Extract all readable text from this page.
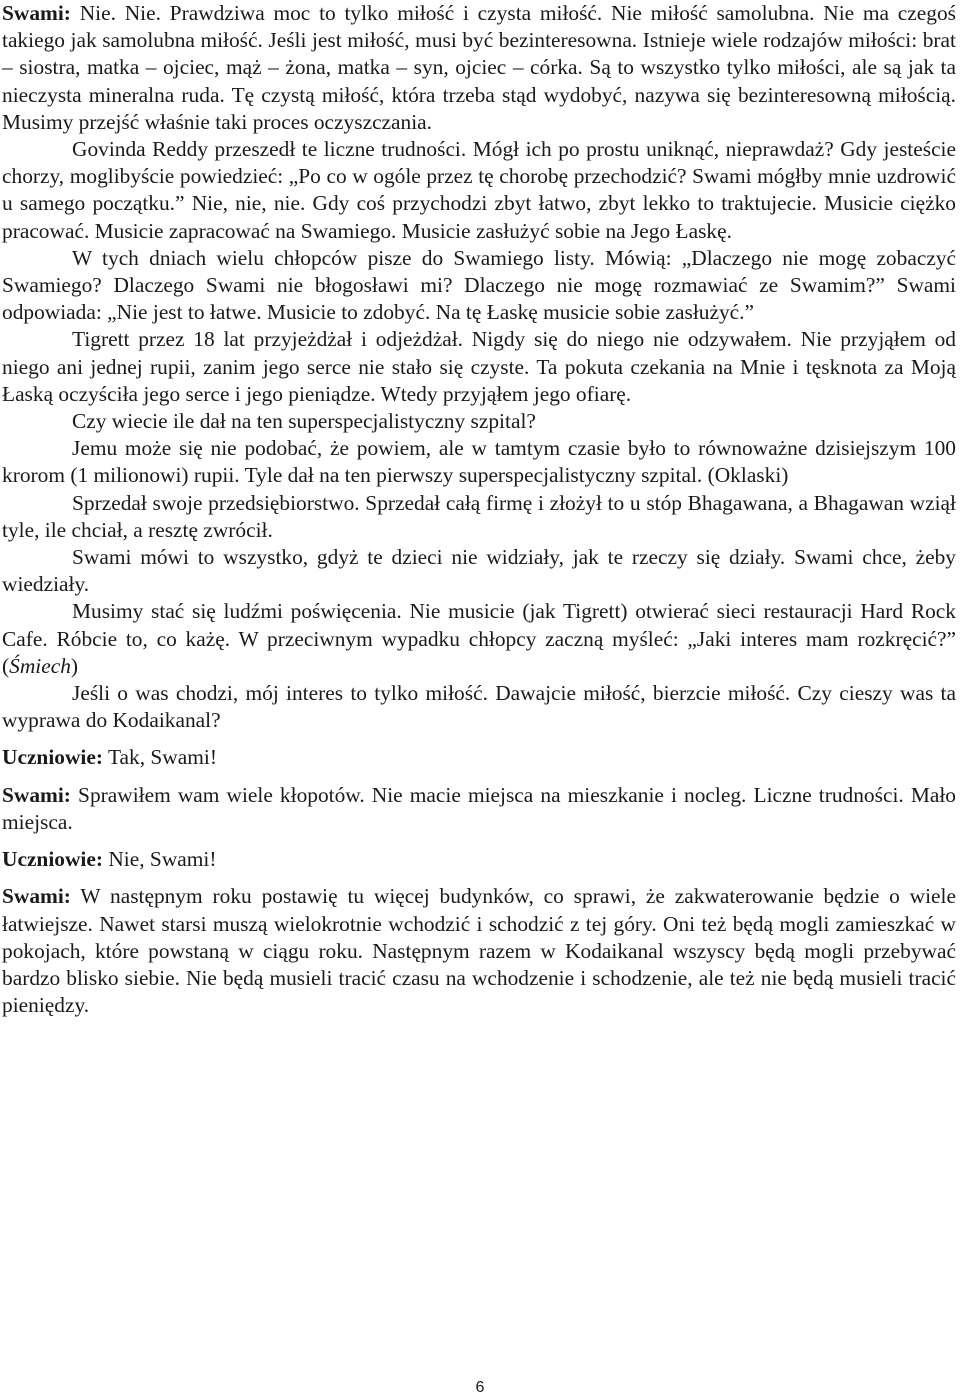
Swami: Nie. Nie. Prawdziwa moc to tylko miłość i czysta miłość. Nie miłość samolubna. Nie ma czegoś takiego jak samolubna miłość. Jeśli jest miłość, musi być bezinteresowna. Istnieje wiele rodzajów miłości: brat – siostra, matka – ojciec, mąż – żona, matka – syn, ojciec – córka. Są to wszystko tylko miłości, ale są jak ta nieczysta mineralna ruda. Tę czystą miłość, która trzeba stąd wydobyć, nazywa się bezinteresowną miłością. Musimy przejść właśnie taki proces oczyszczania.

Govinda Reddy przeszedł te liczne trudności. Mógł ich po prostu uniknąć, nieprawdaż? Gdy jesteście chorzy, moglibyście powiedzieć: „Po co w ogóle przez tę chorobę przechodzić? Swami mógłby mnie uzdrowić u samego początku.” Nie, nie, nie. Gdy coś przychodzi zbyt łatwo, zbyt lekko to traktujecie. Musicie ciężko pracować. Musicie zapracować na Swamiego. Musicie zasłużyć sobie na Jego Łaskę.

W tych dniach wielu chłopców pisze do Swamiego listy. Mówią: „Dlaczego nie mogę zobaczyć Swamiego? Dlaczego Swami nie błogosławi mi? Dlaczego nie mogę rozmawiać ze Swamim?” Swami odpowiada: „Nie jest to łatwe. Musicie to zdobyć. Na tę Łaskę musicie sobie zasłużyć.”

Tigrett przez 18 lat przyjeżdżał i odjeżdżał. Nigdy się do niego nie odzywałem. Nie przyjąłem od niego ani jednej rupii, zanim jego serce nie stało się czyste. Ta pokuta czekania na Mnie i tęsknota za Moją Łaską oczyściła jego serce i jego pieniądze. Wtedy przyjąłem jego ofiarę.

Czy wiecie ile dał na ten superspecjalistyczny szpital?

Jemu może się nie podobać, że powiem, ale w tamtym czasie było to równoważne dzisiejszym 100 krorom (1 milionowi) rupii. Tyle dał na ten pierwszy superspecjalistyczny szpital. (Oklaski)

Sprzedał swoje przedsiębiorstwo. Sprzedał całą firmę i złożył to u stóp Bhagawana, a Bhagawan wziął tyle, ile chciał, a resztę zwrócił.

Swami mówi to wszystko, gdyż te dzieci nie widziały, jak te rzeczy się działy. Swami chce, żeby wiedziały.

Musimy stać się ludźmi poświęcenia. Nie musicie (jak Tigrett) otwierać sieci restauracji Hard Rock Cafe. Róbcie to, co każę. W przeciwnym wypadku chłopcy zaczną myśleć: „Jaki interes mam rozkręcić?” (Śmiech)

Jeśli o was chodzi, mój interes to tylko miłość. Dawajcie miłość, bierzcie miłość. Czy cieszy was ta wyprawa do Kodaikanal?

Uczniowie: Tak, Swami!

Swami: Sprawiłem wam wiele kłopotów. Nie macie miejsca na mieszkanie i nocleg. Liczne trudności. Mało miejsca.

Uczniowie: Nie, Swami!

Swami: W następnym roku postawię tu więcej budynków, co sprawi, że zakwaterowanie będzie o wiele łatwiejsze. Nawet starsi muszą wielokrotnie wchodzić i schodzić z tej góry. Oni też będą mogli zamieszkać w pokojach, które powstaną w ciągu roku. Następnym razem w Kodaikanal wszyscy będą mogli przebywać bardzo blisko siebie. Nie będą musieli tracić czasu na wchodzenie i schodzenie, ale też nie będą musieli tracić pieniędzy.

6
